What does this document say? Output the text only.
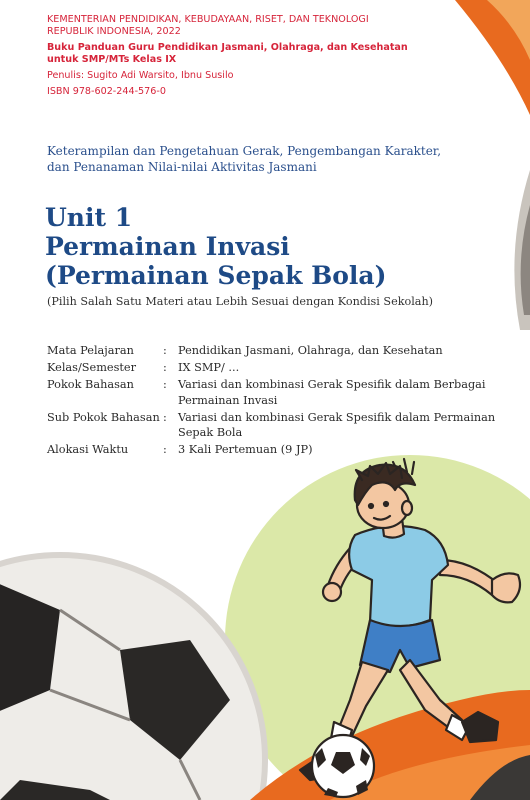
KEMENTERIAN PENDIDIKAN, KEBUDAYAAN, RISET, DAN TEKNOLOGI
REPUBLIK INDONESIA, 2022
Buku Panduan Guru Pendidikan Jasmani, Olahraga, dan Kesehatan
untuk SMP/MTs Kelas IX
Penulis: Sugito Adi Warsito, Ibnu Susilo
ISBN 978-602-244-576-0
Keterampilan dan Pengetahuan Gerak, Pengembangan Karakter,
dan Penanaman Nilai-nilai Aktivitas Jasmani
Unit 1
Permainan Invasi
(Permainan Sepak Bola)
(Pilih Salah Satu Materi atau Lebih Sesuai dengan Kondisi Sekolah)
Mata Pelajaran	: Pendidikan Jasmani, Olahraga, dan Kesehatan
Kelas/Semester	: IX SMP/ ...
Pokok Bahasan	: Variasi dan kombinasi Gerak Spesifik dalam Berbagai Permainan Invasi
Sub Pokok Bahasan : Variasi dan kombinasi Gerak Spesifik dalam Permainan Sepak Bola
Alokasi Waktu	: 3 Kali Pertemuan (9 JP)
